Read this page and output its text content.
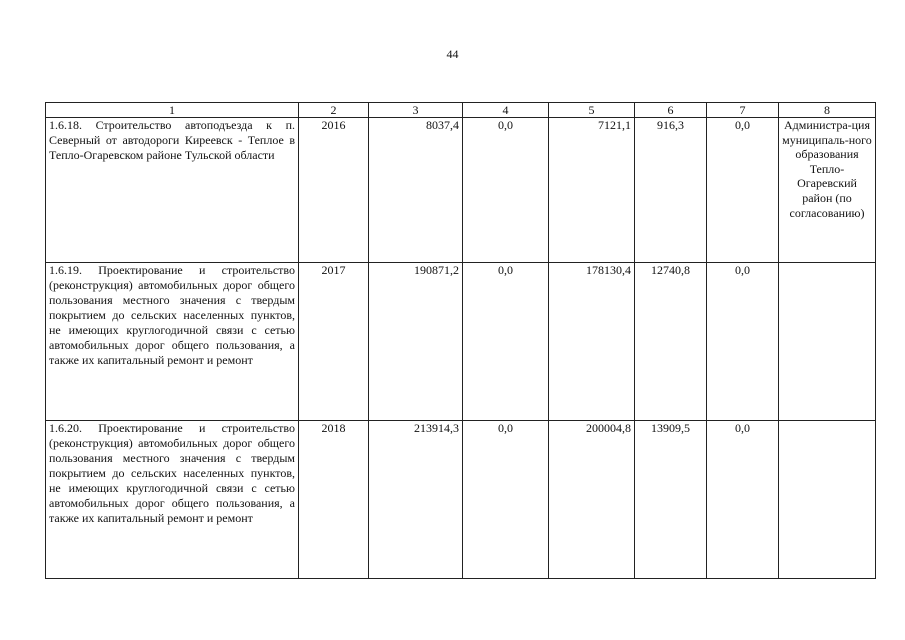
44
1	2	3	4	5	6	7	8
1.6.18. Строительство автоподъезда к п. Северный от автодороги Киреевск - Теплое в Тепло-Огаревском районе Тульской области	2016	8037,4	0,0	7121,1	916,3	0,0	Администра-ция муниципаль-ного образования Тепло-Огаревский район (по согласованию)
1.6.19. Проектирование и строительство (реконструкция) автомобильных дорог общего пользования местного значения с твердым покрытием до сельских населенных пунктов, не имеющих круглогодичной связи с сетью автомобильных дорог общего пользования, а также их капитальный ремонт и ремонт	2017	190871,2	0,0	178130,4	12740,8	0,0	
1.6.20. Проектирование и строительство (реконструкция) автомобильных дорог общего пользования местного значения с твердым покрытием до сельских населенных пунктов, не имеющих круглогодичной связи с сетью автомобильных дорог общего пользования, а также их капитальный ремонт и ремонт	2018	213914,3	0,0	200004,8	13909,5	0,0	
